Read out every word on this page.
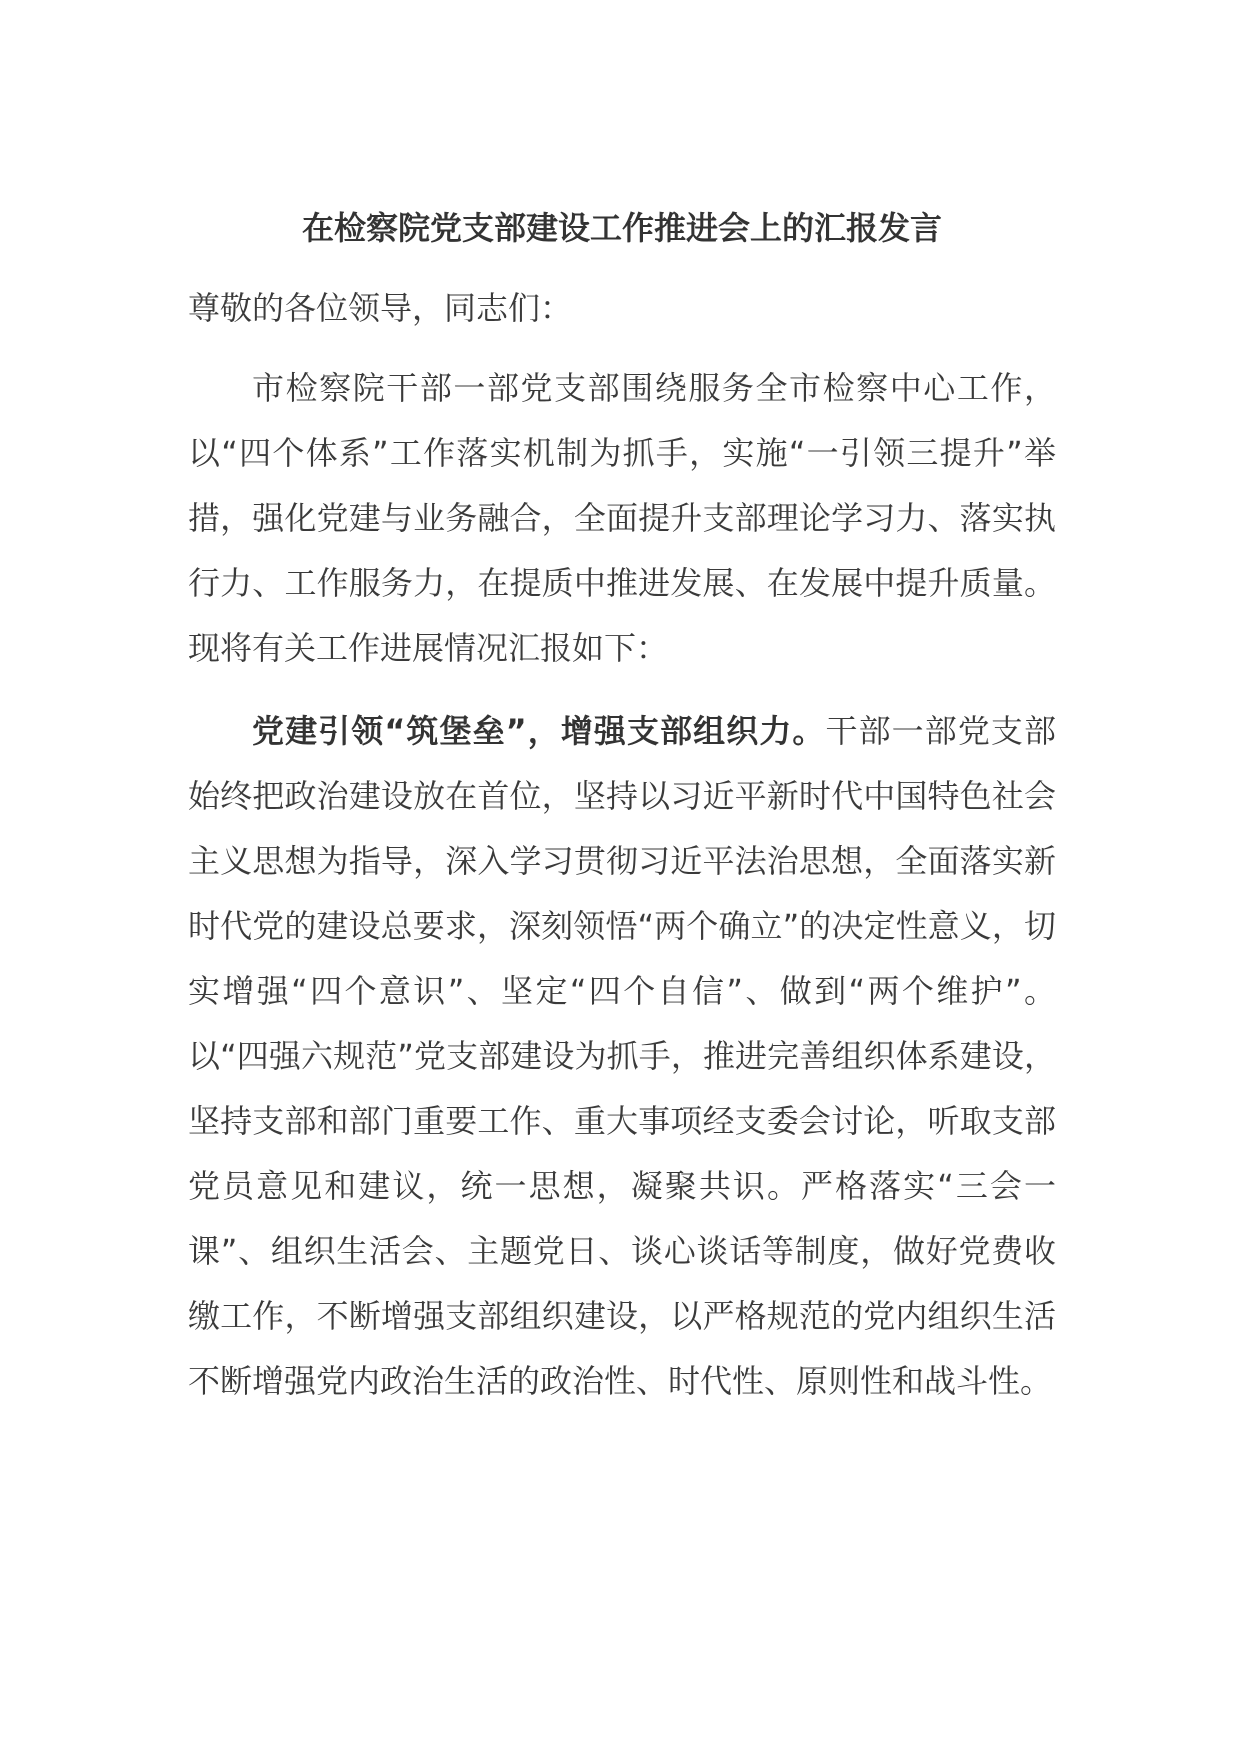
在检察院党支部建设工作推进会上的汇报发言

尊敬的各位领导，同志们：

市检察院干部一部党支部围绕服务全市检察中心工作，以“四个体系”工作落实机制为抓手，实施“一引领三提升”举措，强化党建与业务融合，全面提升支部理论学习力、落实执行力、工作服务力，在提质中推进发展、在发展中提升质量。现将有关工作进展情况汇报如下：

党建引领“筑堡垒”，增强支部组织力。干部一部党支部始终把政治建设放在首位，坚持以习近平新时代中国特色社会主义思想为指导，深入学习贯彻习近平法治思想，全面落实新时代党的建设总要求，深刻领悟“两个确立”的决定性意义，切实增强“四个意识”、坚定“四个自信”、做到“两个维护”。以“四强六规范”党支部建设为抓手，推进完善组织体系建设，坚持支部和部门重要工作、重大事项经支委会讨论，听取支部党员意见和建议，统一思想，凝聚共识。严格落实“三会一课”、组织生活会、主题党日、谈心谈话等制度，做好党费收缴工作，不断增强支部组织建设，以严格规范的党内组织生活不断增强党内政治生活的政治性、时代性、原则性和战斗性。
